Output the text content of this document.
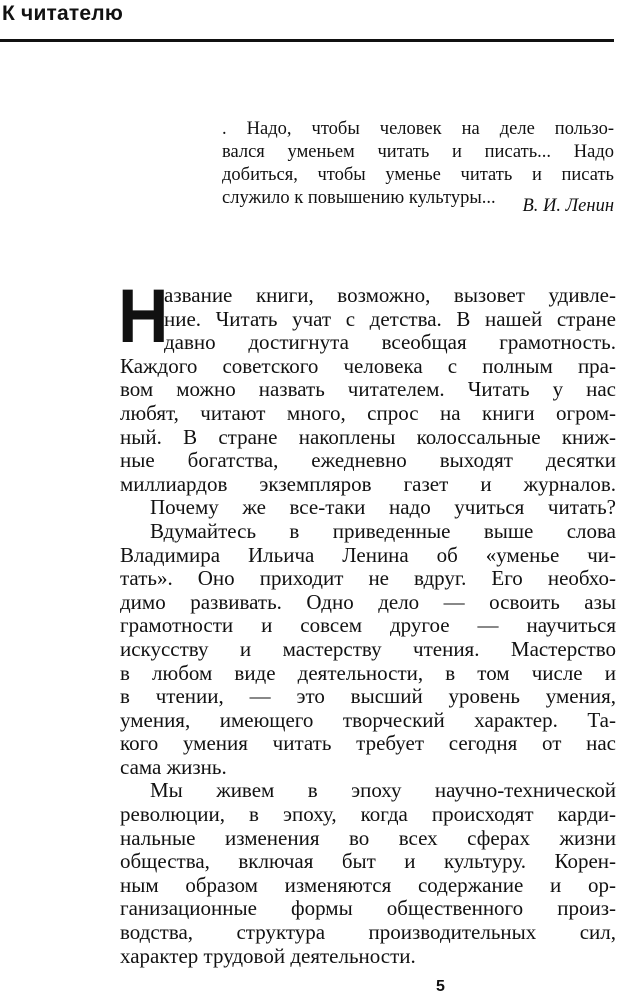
К читателю
. Надо, чтобы человек на деле пользо-
вался уменьем читать и писать... Надо
добиться, чтобы уменье читать и писать
служило к повышению культуры...	В. И. Ленин
Н
азвание книги, возможно, вызовет удивле-
ние. Читать учат с детства. В нашей стране
давно достигнута всеобщая грамотность.
Каждого советского человека с полным пра-
вом можно назвать читателем. Читать у нас
любят, читают много, спрос на книги огром-
ный. В стране накоплены колоссальные книж-
ные богатства, ежедневно выходят десятки
миллиардов экземпляров газет и журналов.
Почему же все-таки надо учиться читать?
Вдумайтесь в приведенные выше слова
Владимира Ильича Ленина об «уменье чи-
тать». Оно приходит не вдруг. Его необхо-
димо развивать. Одно дело — освоить азы
грамотности и совсем другое — научиться
искусству и мастерству чтения. Мастерство
в любом виде деятельности, в том числе и
в чтении, — это высший уровень умения,
умения, имеющего творческий характер. Та-
кого умения читать требует сегодня от нас
сама жизнь.
Мы живем в эпоху научно-технической
революции, в эпоху, когда происходят карди-
нальные изменения во всех сферах жизни
общества, включая быт и культуру. Корен-
ным образом изменяются содержание и ор-
ганизационные формы общественного произ-
водства, структура производительных сил,
характер трудовой деятельности.
5
